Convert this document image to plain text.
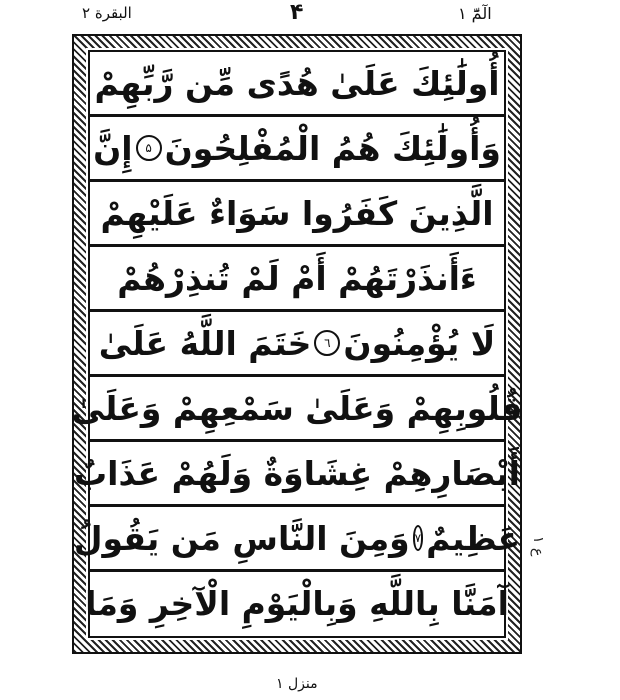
البقرة ۲	۴	الٓمّٓ ۱
أُولَٰئِكَ عَلَىٰ هُدًى مِّن رَّبِّهِمْ
وَأُولَٰئِكَ هُمُ الْمُفْلِحُونَ
۵
إِنَّ
الَّذِينَ كَفَرُوا سَوَاءٌ عَلَيْهِمْ
ءَأَنذَرْتَهُمْ أَمْ لَمْ تُنذِرْهُمْ
لَا يُؤْمِنُونَ
٦
خَتَمَ اللَّهُ عَلَىٰ
قُلُوبِهِمْ وَعَلَىٰ سَمْعِهِمْ وَعَلَىٰ
أَبْصَارِهِمْ غِشَاوَةٌ وَلَهُمْ عَذَابٌ
عَظِيمٌ
۷
وَمِنَ النَّاسِ مَن يَقُولُ
آمَنَّا بِاللَّهِ وَبِالْيَوْمِ الْآخِرِ وَمَا
ع ۱
منزل ۱
